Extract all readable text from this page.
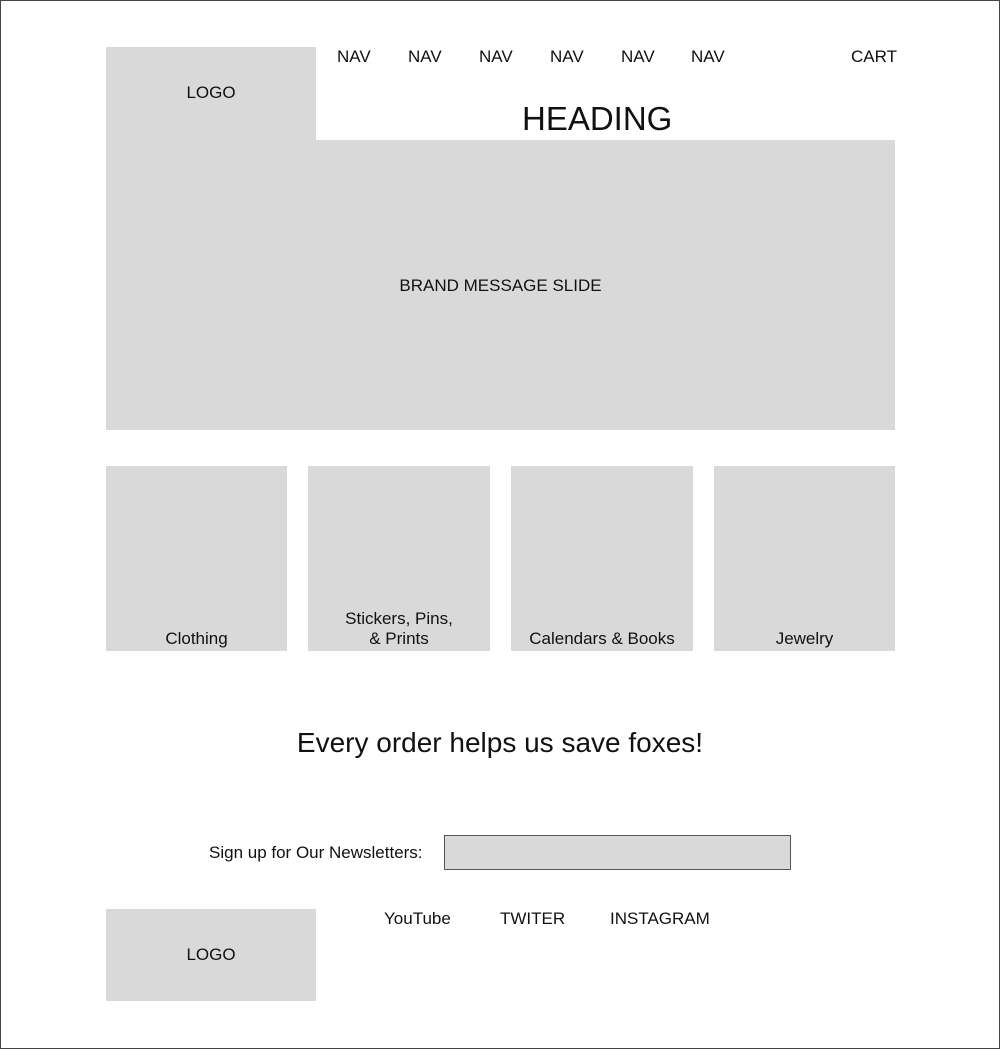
LOGO
NAV NAV NAV NAV NAV NAV	CART
HEADING
BRAND MESSAGE SLIDE
Clothing
Stickers, Pins,
& Prints	Calendars & Books	Jewelry
Every order helps us save foxes!
Sign up for Our Newsletters:
LOGO
YouTube	TWITER	INSTAGRAM
